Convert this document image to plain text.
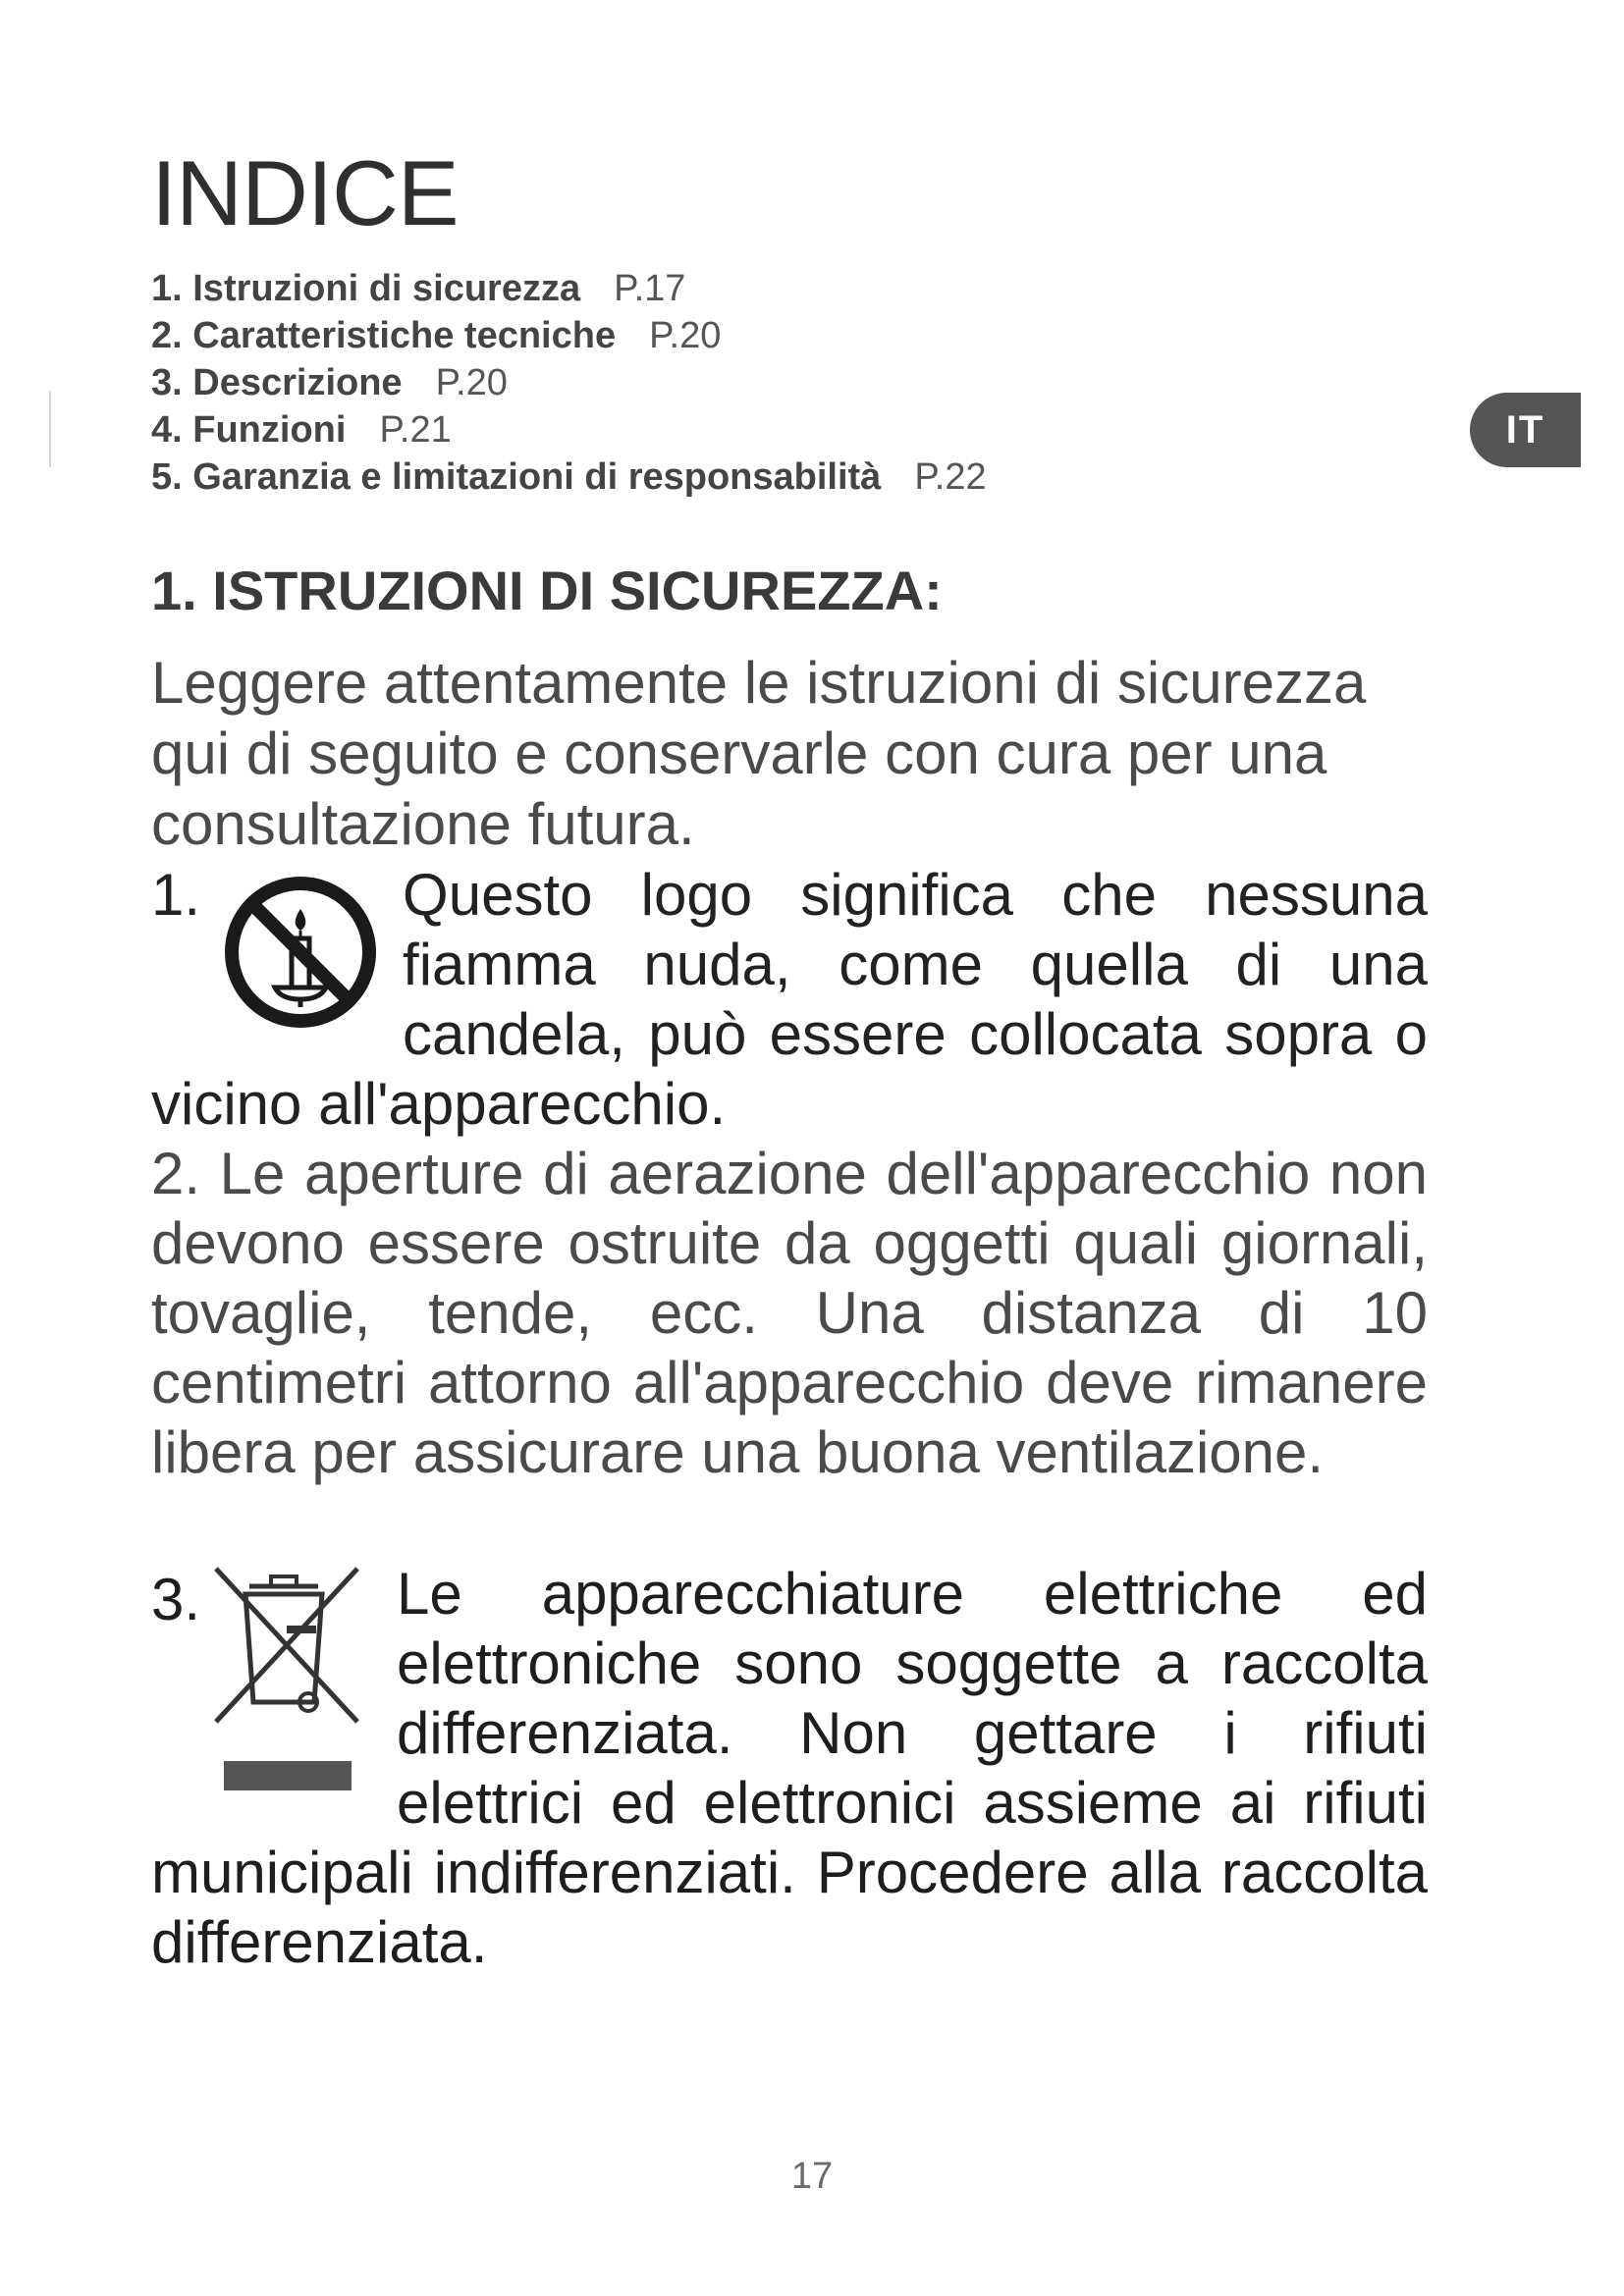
INDICE
1. Istruzioni di sicurezza P.17
2. Caratteristiche tecniche P.20
3. Descrizione P.20
4. Funzioni P.21
5. Garanzia e limitazioni di responsabilità P.22
IT
1. ISTRUZIONI DI SICUREZZA:

Leggere attentamente le istruzioni di sicurezza qui di seguito e conservarle con cura per una consultazione futura.

1.	Questo logo significa che nessuna fiamma nuda, come quella di una candela, può essere collocata sopra o vicino all'apparecchio.
2. Le aperture di aerazione dell'apparecchio non devono essere ostruite da oggetti quali giornali, tovaglie, tende, ecc. Una distanza di 10 centimetri attorno all'apparecchio deve rimanere libera per assicurare una buona ventilazione.
3.	Le apparecchiature elettriche ed elettroniche sono soggette a raccolta differenziata. Non gettare i rifiuti elettrici ed elettronici assieme ai rifiuti municipali indifferenziati. Procedere alla raccolta differenziata.
17
